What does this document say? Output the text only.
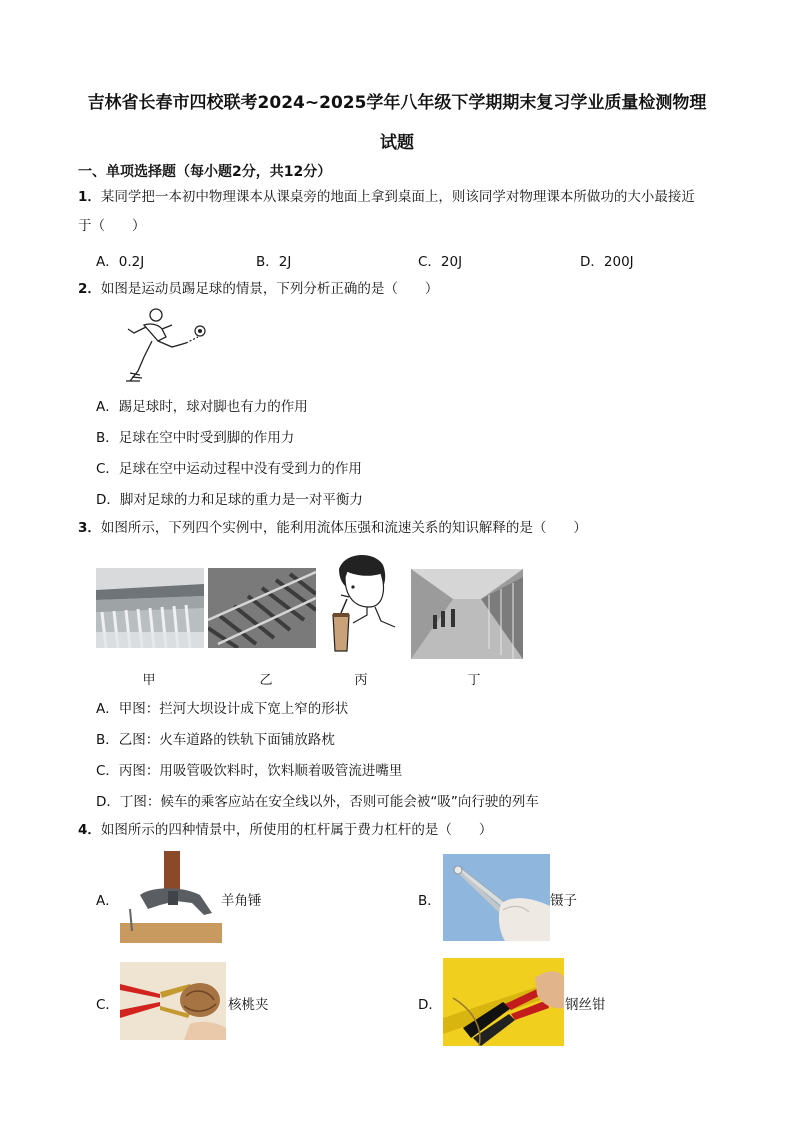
吉林省长春市四校联考2024~2025学年八年级下学期期末复习学业质量检测物理
试题
一、单项选择题（每小题2分，共12分）
1．某同学把一本初中物理课本从课桌旁的地面上拿到桌面上，则该同学对物理课本所做功的大小最接近
于（　　）
A．0.2J	B．2J	C．20J	D．200J
2．如图是运动员踢足球的情景，下列分析正确的是（　　）
A．踢足球时，球对脚也有力的作用
B．足球在空中时受到脚的作用力
C．足球在空中运动过程中没有受到力的作用
D．脚对足球的力和足球的重力是一对平衡力
3．如图所示，下列四个实例中，能利用流体压强和流速关系的知识解释的是（　　）
甲	乙	丙	丁
A．甲图：拦河大坝设计成下宽上窄的形状
B．乙图：火车道路的铁轨下面铺放路枕
C．丙图：用吸管吸饮料时，饮料顺着吸管流进嘴里
D．丁图：候车的乘客应站在安全线以外，否则可能会被“吸”向行驶的列车
4．如图所示的四种情景中，所使用的杠杆属于费力杠杆的是（　　）
A．	羊角锤	B．	镊子
C．	核桃夹	D．	钢丝钳
